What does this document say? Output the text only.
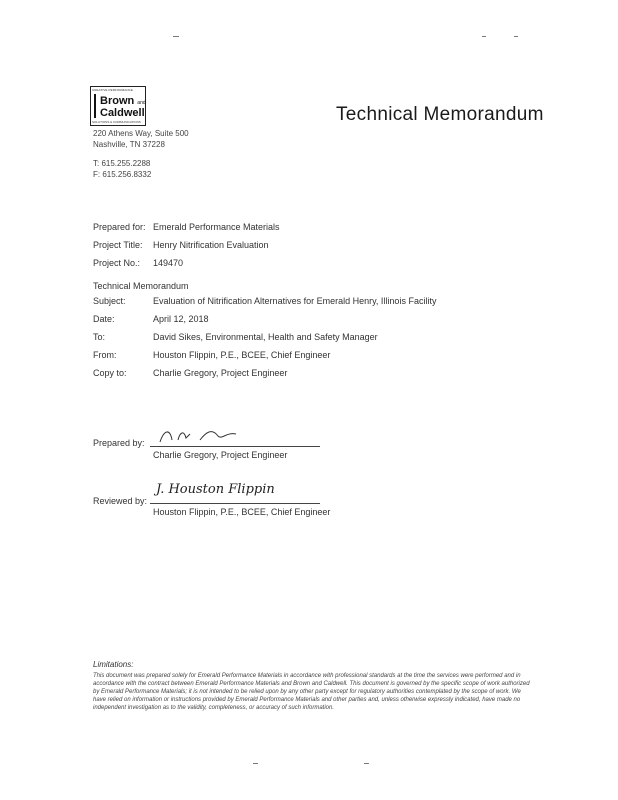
CREATIVE PERFORMANCE
Brown and
Caldwell
SOLUTIONS & COMMUNICATIONS	Technical Memorandum
220 Athens Way, Suite 500
Nashville, TN 37228
T: 615.255.2288
F: 615.256.8332
Prepared for: Emerald Performance Materials
Project Title: Henry Nitrification Evaluation
Project No.: 149470
Technical Memorandum
Subject:	Evaluation of Nitrification Alternatives for Emerald Henry, Illinois Facility
Date:	April 12, 2018
To:	David Sikes, Environmental, Health and Safety Manager
From:	Houston Flippin, P.E., BCEE, Chief Engineer
Copy to:	Charlie Gregory, Project Engineer
Prepared by:
Charlie Gregory, Project Engineer
Reviewed by:
J. Houston Flippin
Houston Flippin, P.E., BCEE, Chief Engineer
Limitations:
This document was prepared solely for Emerald Performance Materials in accordance with professional standards at the time the services were performed and in accordance with the contract between Emerald Performance Materials and Brown and Caldwell. This document is governed by the specific scope of work authorized by Emerald Performance Materials; it is not intended to be relied upon by any other party except for regulatory authorities contemplated by the scope of work. We have relied on information or instructions provided by Emerald Performance Materials and other parties and, unless otherwise expressly indicated, have made no independent investigation as to the validity, completeness, or accuracy of such information.
